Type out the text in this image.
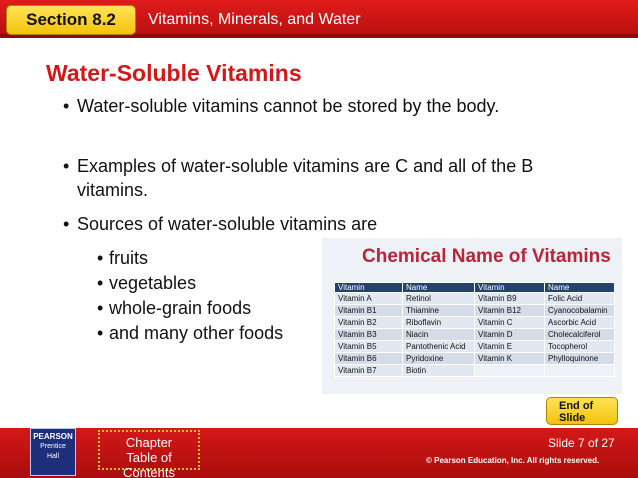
Section 8.2	Vitamins, Minerals, and Water
Water-Soluble Vitamins
• Water-soluble vitamins cannot be stored by the body.
• Examples of water-soluble vitamins are C and all of the B vitamins.
• Sources of water-soluble vitamins are
• fruits
• vegetables
• whole-grain foods
• and many other foods
Chemical Name of Vitamins
Vitamin	Name	Vitamin	Name
Vitamin A	Retinol	Vitamin B9	Folic Acid
Vitamin B1	Thiamine	Vitamin B12	Cyanocobalamin
Vitamin B2	Riboflavin	Vitamin C	Ascorbic Acid
Vitamin B3	Niacin	Vitamin D	Cholecalciferol
Vitamin B5	Pantothenic Acid	Vitamin E	Tocopherol
Vitamin B6	Pyridoxine	Vitamin K	Phylloquinone
Vitamin B7	Biotin		
End of
Slide
PEARSON
Prentice
Hall
Chapter
Table of Contents
Slide 7 of 27
© Pearson Education, Inc. All rights reserved.
